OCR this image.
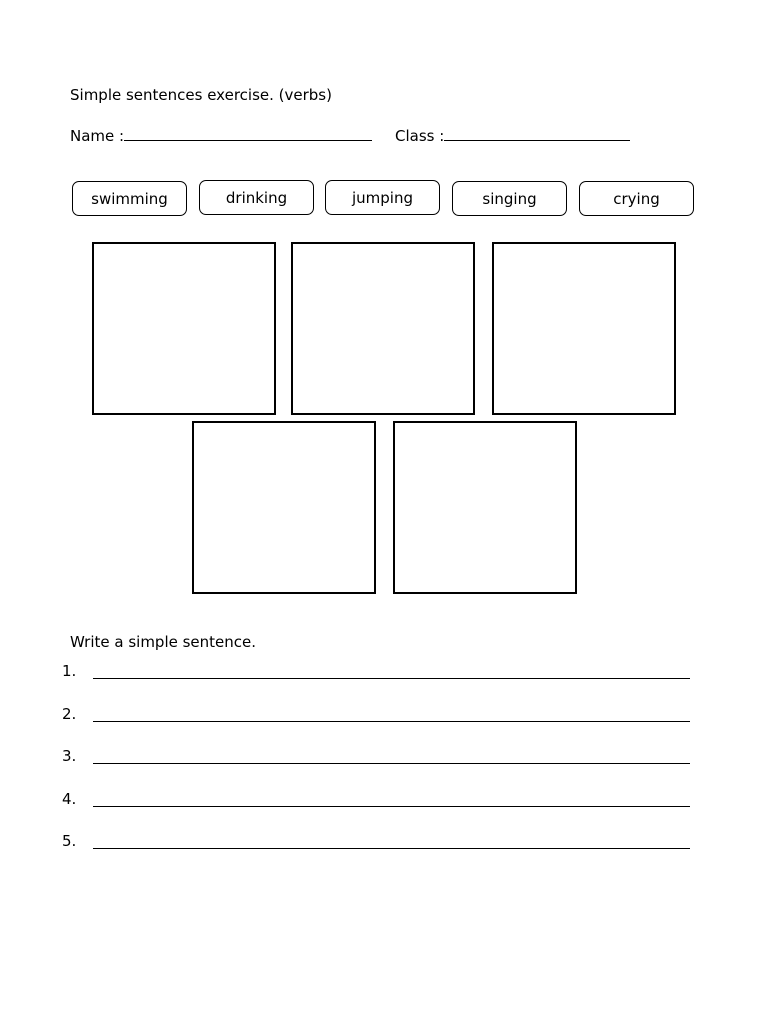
Simple sentences exercise. (verbs)
Name :	Class :
swimming	drinking	jumping	singing	crying
Write a simple sentence.
1.
2.
3.
4.
5.
